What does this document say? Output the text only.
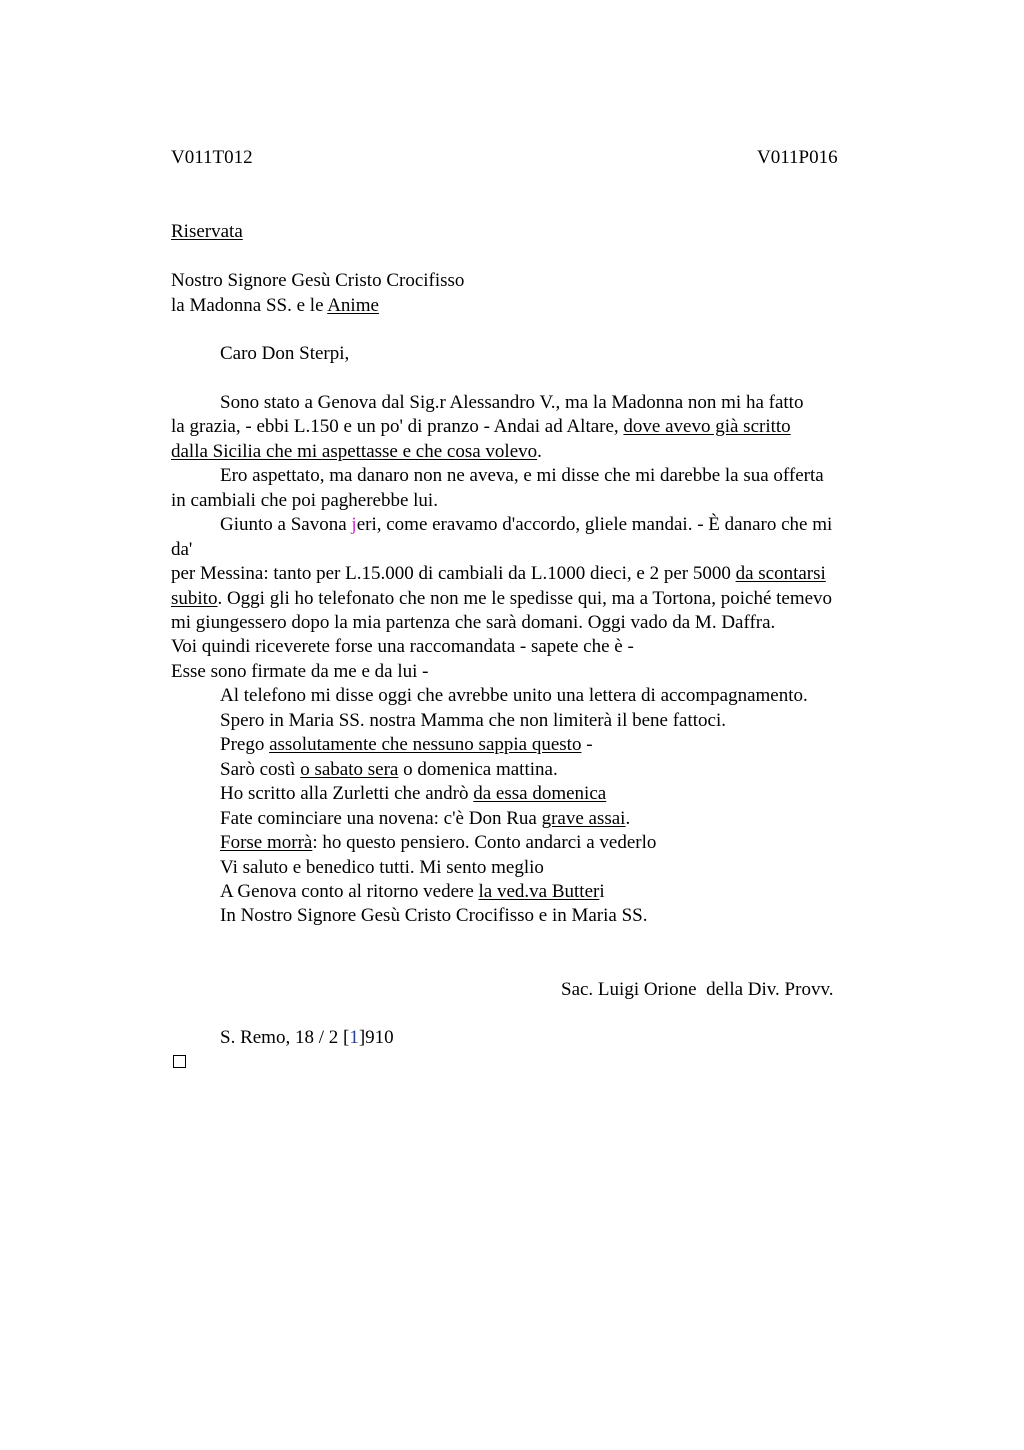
V011T012	V011P016
Riservata
Nostro Signore Gesù Cristo Crocifisso
la Madonna SS. e le Anime
Caro Don Sterpi,
Sono stato a Genova dal Sig.r Alessandro V., ma la Madonna non mi ha fatto
la grazia, - ebbi L.150 e un po' di pranzo - Andai ad Altare, dove avevo già scritto
dalla Sicilia che mi aspettasse e che cosa volevo.
Ero aspettato, ma danaro non ne aveva, e mi disse che mi darebbe la sua offerta
in cambiali che poi pagherebbe lui.
Giunto a Savona jeri, come eravamo d'accordo, gliele mandai. - È danaro che mi
da'
per Messina: tanto per L.15.000 di cambiali da L.1000 dieci, e 2 per 5000 da scontarsi
subito. Oggi gli ho telefonato che non me le spedisse qui, ma a Tortona, poiché temevo
mi giungessero dopo la mia partenza che sarà domani. Oggi vado da M. Daffra.
Voi quindi riceverete forse una raccomandata - sapete che è -
Esse sono firmate da me e da lui -
Al telefono mi disse oggi che avrebbe unito una lettera di accompagnamento.
Spero in Maria SS. nostra Mamma che non limiterà il bene fattoci.
Prego assolutamente che nessuno sappia questo -
Sarò costì o sabato sera o domenica mattina.
Ho scritto alla Zurletti che andrò da essa domenica
Fate cominciare una novena: c'è Don Rua grave assai.
Forse morrà: ho questo pensiero. Conto andarci a vederlo
Vi saluto e benedico tutti. Mi sento meglio
A Genova conto al ritorno vedere la ved.va Butteri
In Nostro Signore Gesù Cristo Crocifisso e in Maria SS.
Sac. Luigi Orione  della Div. Provv.
S. Remo, 18 / 2 [1]910
